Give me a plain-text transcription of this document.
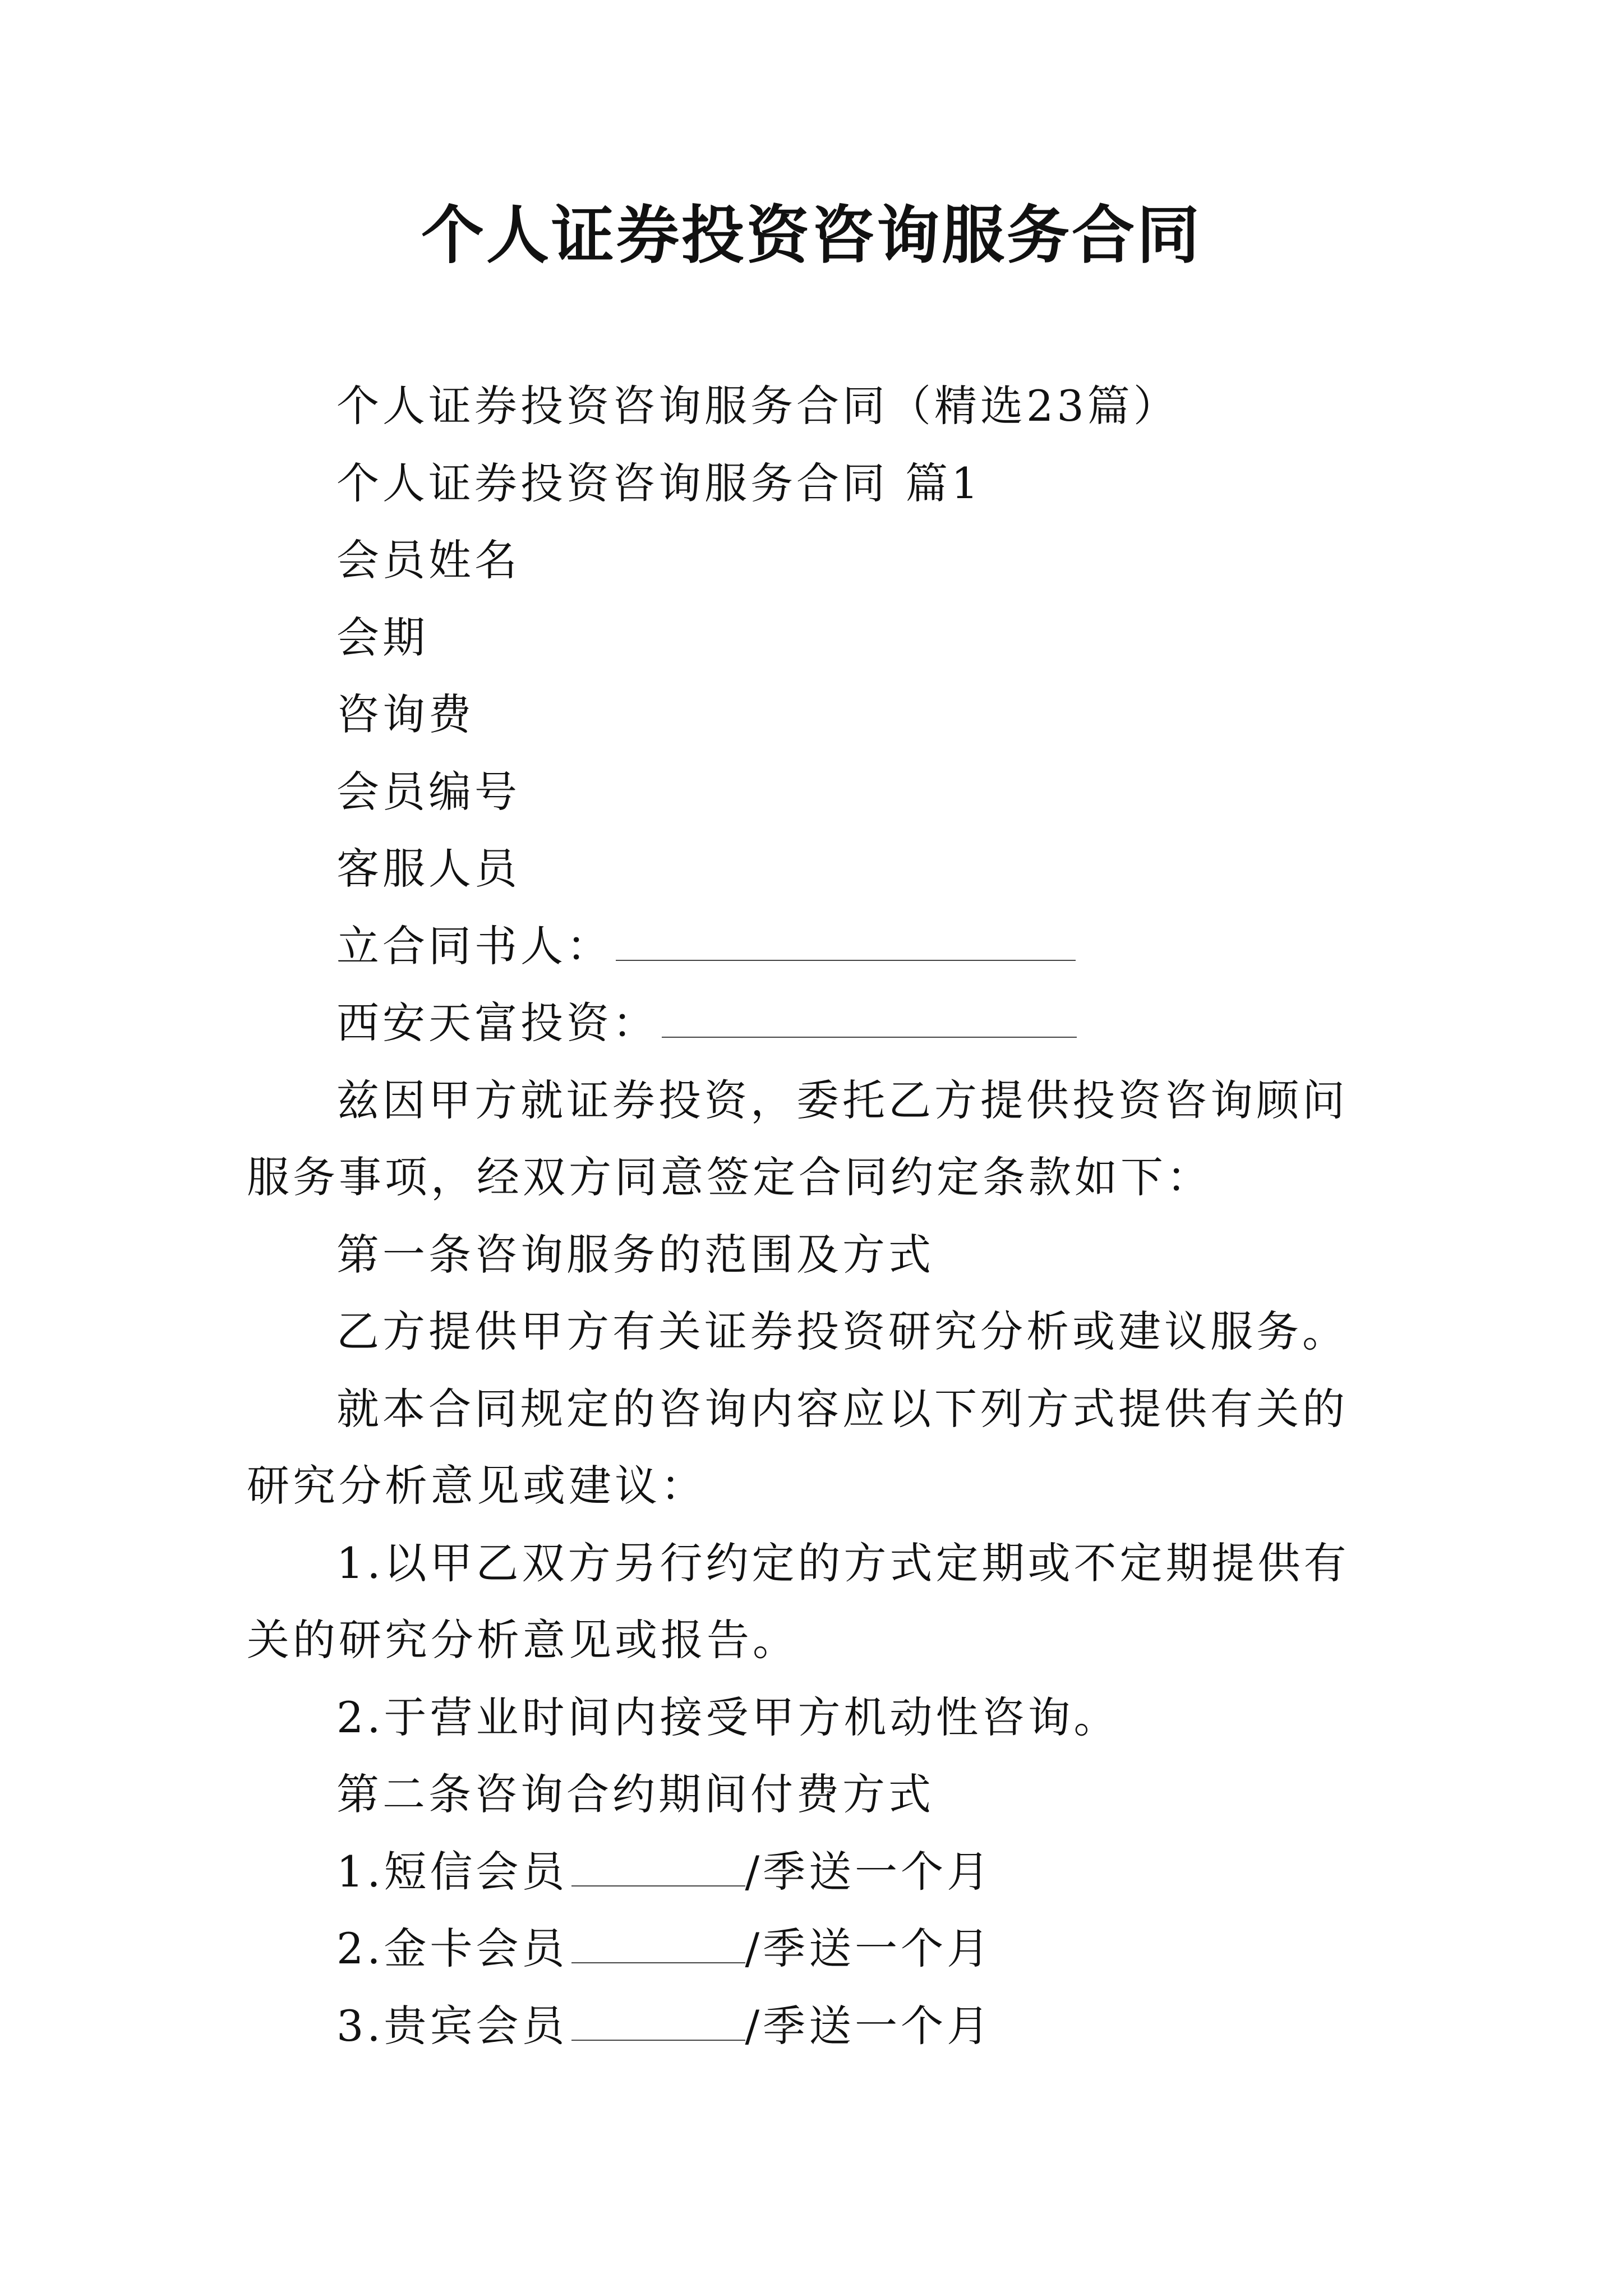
个人证券投资咨询服务合同

个人证券投资咨询服务合同（精选23篇）

个人证券投资咨询服务合同 篇1

会员姓名

会期

咨询费

会员编号

客服人员

立合同书人：

西安天富投资：

兹因甲方就证券投资，委托乙方提供投资咨询顾问服务事项，经双方同意签定合同约定条款如下：

第一条咨询服务的范围及方式

乙方提供甲方有关证券投资研究分析或建议服务。

就本合同规定的咨询内容应以下列方式提供有关的研究分析意见或建议：

1.以甲乙双方另行约定的方式定期或不定期提供有关的研究分析意见或报告。

2.于营业时间内接受甲方机动性咨询。

第二条咨询合约期间付费方式

1.短信会员	/季送一个月

2.金卡会员	/季送一个月

3.贵宾会员	/季送一个月
